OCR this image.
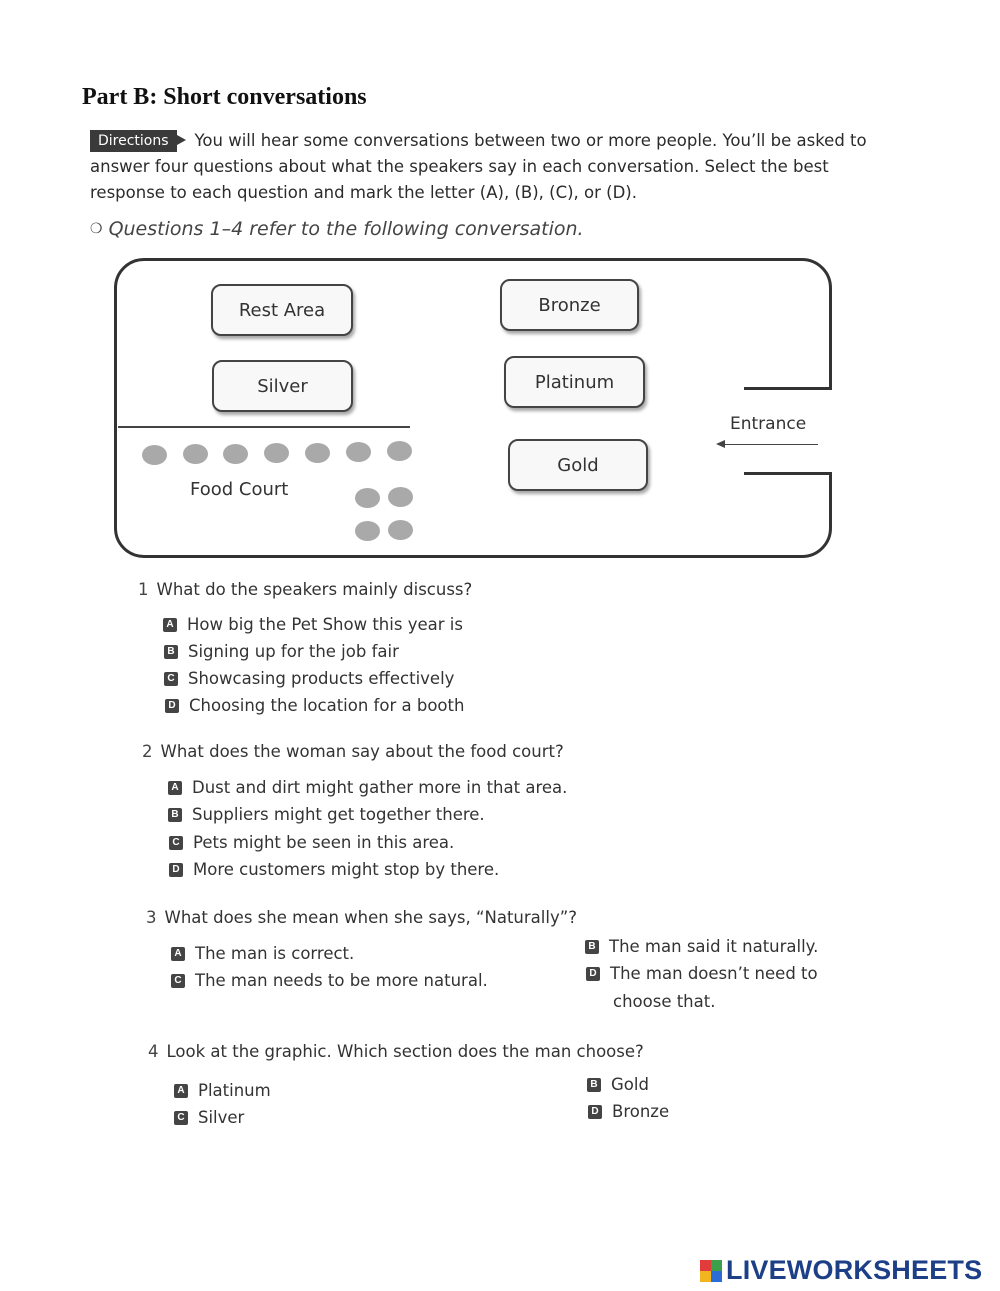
Part B: Short conversations
Directions You will hear some conversations between two or more people. You’ll be asked to answer four questions about what the speakers say in each conversation. Select the best response to each question and mark the letter (A), (B), (C), or (D).
❍ Questions 1–4 refer to the following conversation.
Rest Area	Bronze
Silver	Platinum
Gold
Food Court
Entrance
1 What do the speakers mainly discuss?
A How big the Pet Show this year is
B Signing up for the job fair
C Showcasing products effectively
D Choosing the location for a booth
2 What does the woman say about the food court?
A Dust and dirt might gather more in that area.
B Suppliers might get together there.
C Pets might be seen in this area.
D More customers might stop by there.
3 What does she mean when she says, “Naturally”?
A The man is correct.	B The man said it naturally.
C The man needs to be more natural.	D The man doesn’t need to
choose that.
4 Look at the graphic. Which section does the man choose?
A Platinum	B Gold
C Silver	D Bronze
LIVEWORKSHEETS
